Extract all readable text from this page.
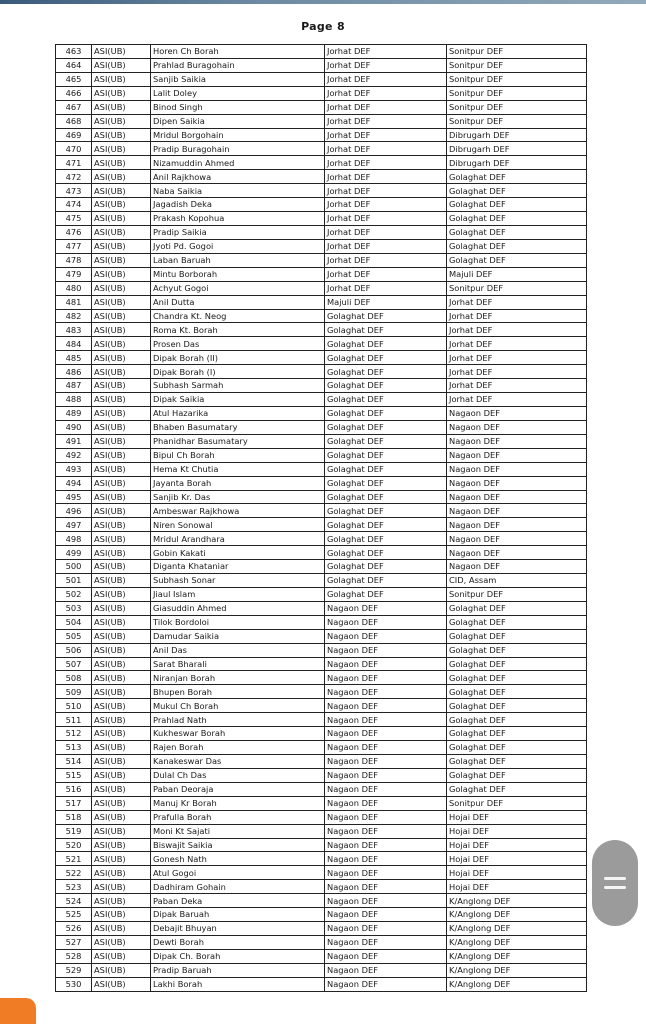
Page 8
463	ASI(UB)	Horen Ch Borah	Jorhat DEF	Sonitpur DEF
464	ASI(UB)	Prahlad Buragohain	Jorhat DEF	Sonitpur DEF
465	ASI(UB)	Sanjib Saikia	Jorhat DEF	Sonitpur DEF
466	ASI(UB)	Lalit Doley	Jorhat DEF	Sonitpur DEF
467	ASI(UB)	Binod Singh	Jorhat DEF	Sonitpur DEF
468	ASI(UB)	Dipen Saikia	Jorhat DEF	Sonitpur DEF
469	ASI(UB)	Mridul Borgohain	Jorhat DEF	Dibrugarh DEF
470	ASI(UB)	Pradip Buragohain	Jorhat DEF	Dibrugarh DEF
471	ASI(UB)	Nizamuddin Ahmed	Jorhat DEF	Dibrugarh DEF
472	ASI(UB)	Anil Rajkhowa	Jorhat DEF	Golaghat DEF
473	ASI(UB)	Naba Saikia	Jorhat DEF	Golaghat DEF
474	ASI(UB)	Jagadish Deka	Jorhat DEF	Golaghat DEF
475	ASI(UB)	Prakash Kopohua	Jorhat DEF	Golaghat DEF
476	ASI(UB)	Pradip Saikia	Jorhat DEF	Golaghat DEF
477	ASI(UB)	Jyoti Pd. Gogoi	Jorhat DEF	Golaghat DEF
478	ASI(UB)	Laban Baruah	Jorhat DEF	Golaghat DEF
479	ASI(UB)	Mintu Borborah	Jorhat DEF	Majuli DEF
480	ASI(UB)	Achyut Gogoi	Jorhat DEF	Sonitpur DEF
481	ASI(UB)	Anil Dutta	Majuli DEF	Jorhat DEF
482	ASI(UB)	Chandra Kt. Neog	Golaghat DEF	Jorhat DEF
483	ASI(UB)	Roma Kt. Borah	Golaghat DEF	Jorhat DEF
484	ASI(UB)	Prosen Das	Golaghat DEF	Jorhat DEF
485	ASI(UB)	Dipak Borah (II)	Golaghat DEF	Jorhat DEF
486	ASI(UB)	Dipak Borah (I)	Golaghat DEF	Jorhat DEF
487	ASI(UB)	Subhash Sarmah	Golaghat DEF	Jorhat DEF
488	ASI(UB)	Dipak Saikia	Golaghat DEF	Jorhat DEF
489	ASI(UB)	Atul Hazarika	Golaghat DEF	Nagaon DEF
490	ASI(UB)	Bhaben Basumatary	Golaghat DEF	Nagaon DEF
491	ASI(UB)	Phanidhar Basumatary	Golaghat DEF	Nagaon DEF
492	ASI(UB)	Bipul Ch Borah	Golaghat DEF	Nagaon DEF
493	ASI(UB)	Hema Kt Chutia	Golaghat DEF	Nagaon DEF
494	ASI(UB)	Jayanta Borah	Golaghat DEF	Nagaon DEF
495	ASI(UB)	Sanjib Kr. Das	Golaghat DEF	Nagaon DEF
496	ASI(UB)	Ambeswar Rajkhowa	Golaghat DEF	Nagaon DEF
497	ASI(UB)	Niren Sonowal	Golaghat DEF	Nagaon DEF
498	ASI(UB)	Mridul Arandhara	Golaghat DEF	Nagaon DEF
499	ASI(UB)	Gobin Kakati	Golaghat DEF	Nagaon DEF
500	ASI(UB)	Diganta Khataniar	Golaghat DEF	Nagaon DEF
501	ASI(UB)	Subhash Sonar	Golaghat DEF	CID, Assam
502	ASI(UB)	Jiaul Islam	Golaghat DEF	Sonitpur DEF
503	ASI(UB)	Giasuddin Ahmed	Nagaon DEF	Golaghat DEF
504	ASI(UB)	Tilok Bordoloi	Nagaon DEF	Golaghat DEF
505	ASI(UB)	Damudar Saikia	Nagaon DEF	Golaghat DEF
506	ASI(UB)	Anil Das	Nagaon DEF	Golaghat DEF
507	ASI(UB)	Sarat Bharali	Nagaon DEF	Golaghat DEF
508	ASI(UB)	Niranjan Borah	Nagaon DEF	Golaghat DEF
509	ASI(UB)	Bhupen Borah	Nagaon DEF	Golaghat DEF
510	ASI(UB)	Mukul Ch Borah	Nagaon DEF	Golaghat DEF
511	ASI(UB)	Prahlad Nath	Nagaon DEF	Golaghat DEF
512	ASI(UB)	Kukheswar Borah	Nagaon DEF	Golaghat DEF
513	ASI(UB)	Rajen Borah	Nagaon DEF	Golaghat DEF
514	ASI(UB)	Kanakeswar Das	Nagaon DEF	Golaghat DEF
515	ASI(UB)	Dulal Ch Das	Nagaon DEF	Golaghat DEF
516	ASI(UB)	Paban Deoraja	Nagaon DEF	Golaghat DEF
517	ASI(UB)	Manuj Kr Borah	Nagaon DEF	Sonitpur DEF
518	ASI(UB)	Prafulla Borah	Nagaon DEF	Hojai DEF
519	ASI(UB)	Moni Kt Sajati	Nagaon DEF	Hojai DEF
520	ASI(UB)	Biswajit Saikia	Nagaon DEF	Hojai DEF
521	ASI(UB)	Gonesh Nath	Nagaon DEF	Hojai DEF
522	ASI(UB)	Atul Gogoi	Nagaon DEF	Hojai DEF
523	ASI(UB)	Dadhiram Gohain	Nagaon DEF	Hojai DEF
524	ASI(UB)	Paban Deka	Nagaon DEF	K/Anglong DEF
525	ASI(UB)	Dipak Baruah	Nagaon DEF	K/Anglong DEF
526	ASI(UB)	Debajit Bhuyan	Nagaon DEF	K/Anglong DEF
527	ASI(UB)	Dewti Borah	Nagaon DEF	K/Anglong DEF
528	ASI(UB)	Dipak Ch. Borah	Nagaon DEF	K/Anglong DEF
529	ASI(UB)	Pradip Baruah	Nagaon DEF	K/Anglong DEF
530	ASI(UB)	Lakhi Borah	Nagaon DEF	K/Anglong DEF
